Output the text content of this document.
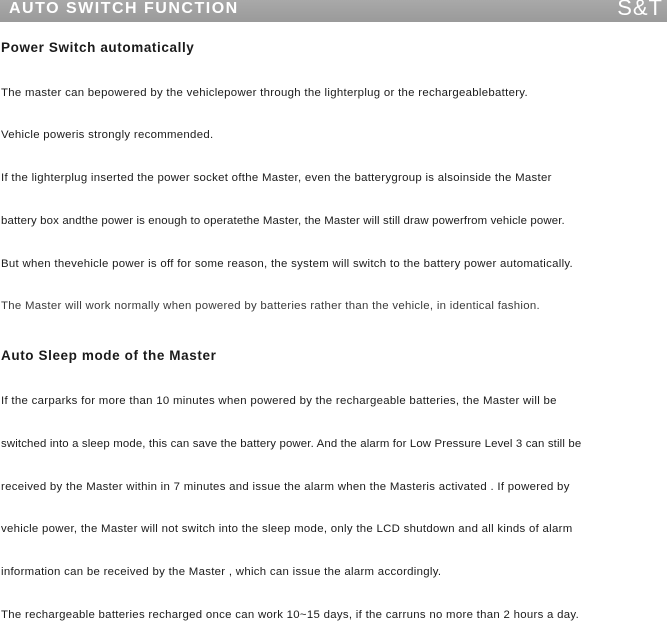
AUTO SWITCH FUNCTION	S&T
Power Switch automatically
The master can bepowered by the vehiclepower through the lighterplug or the rechargeablebattery.
Vehicle poweris strongly recommended.
If the lighterplug inserted the power socket ofthe Master, even the batterygroup is alsoinside the Master
battery box andthe power is enough to operatethe Master, the Master will still draw powerfrom vehicle power.
But when thevehicle power is off for some reason, the system will switch to the battery power automatically.
The Master will work normally when powered by batteries rather than the vehicle, in identical fashion.
Auto Sleep mode of the Master
If the carparks for more than 10 minutes when powered by the rechargeable batteries, the Master will be
switched into a sleep mode, this can save the battery power. And the alarm for Low Pressure Level 3 can still be
received by the Master within in 7 minutes and issue the alarm when the Masteris activated . If powered by
vehicle power, the Master will not switch into the sleep mode, only the LCD shutdown and all kinds of alarm
information can be received by the Master , which can issue the alarm accordingly.
The rechargeable batteries recharged once can work 10~15 days, if the carruns no more than 2 hours a day.
